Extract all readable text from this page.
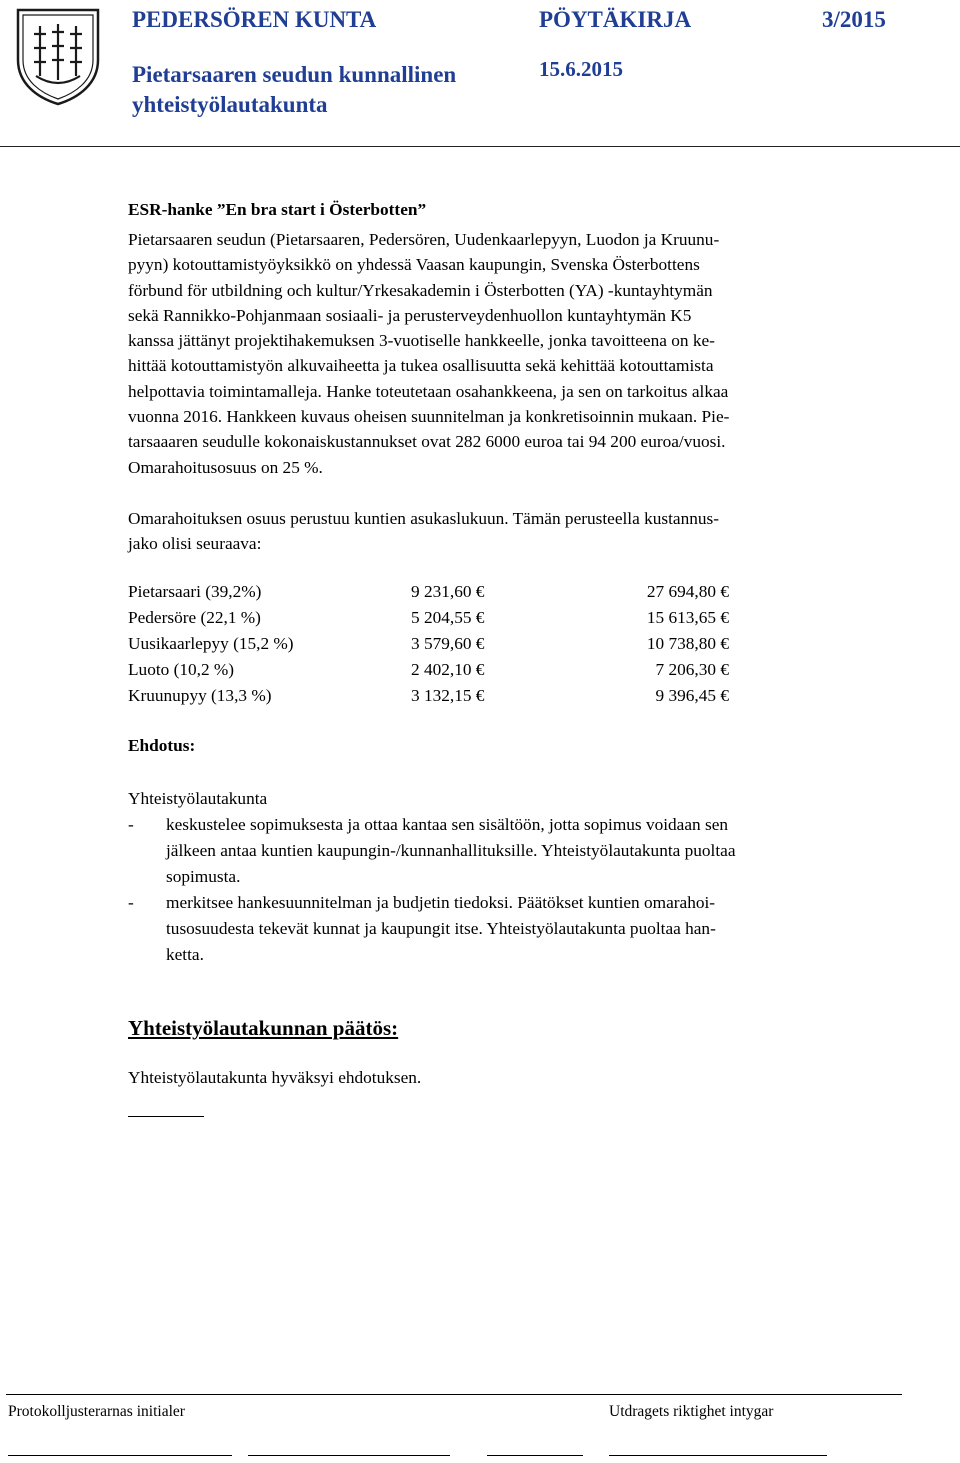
PEDERSÖREN KUNTA	PÖYTÄKIRJA	3/2015
Pietarsaaren seudun kunnallinen	15.6.2015
yhteistyölautakunta
ESR-hanke ”En bra start i Österbotten”
Pietarsaaren seudun (Pietarsaaren, Pedersören, Uudenkaarlepyyn, Luodon ja Kruunu-
pyyn) kotouttamistyöyksikkö on yhdessä Vaasan kaupungin, Svenska Österbottens
förbund för utbildning och kultur/Yrkesakademin i Österbotten (YA) -kuntayhtymän
sekä Rannikko-Pohjanmaan sosiaali- ja perusterveydenhuollon kuntayhtymän K5
kanssa jättänyt projektihakemuksen 3-vuotiselle hankkeelle, jonka tavoitteena on ke-
hittää kotouttamistyön alkuvaiheetta ja tukea osallisuutta sekä kehittää kotouttamista
helpottavia toimintamalleja. Hanke toteutetaan osahankkeena, ja sen on tarkoitus alkaa
vuonna 2016. Hankkeen kuvaus oheisen suunnitelman ja konkretisoinnin mukaan. Pie-
tarsaaaren seudulle kokonaiskustannukset ovat 282 6000 euroa tai 94 200 euroa/vuosi.
Omarahoitusosuus on 25 %.
Omarahoituksen osuus perustuu kuntien asukaslukuun. Tämän perusteella kustannus-
jako olisi seuraava:
Pietarsaari (39,2%)	9 231,60 €	27 694,80 €
Pedersöre (22,1 %)	5 204,55 €	15 613,65 €
Uusikaarlepyy (15,2 %)	3 579,60 €	10 738,80 €
Luoto (10,2 %)	2 402,10 €	7 206,30 €
Kruunupyy (13,3 %)	3 132,15 €	9 396,45 €
Ehdotus:
Yhteistyölautakunta
- keskustelee sopimuksesta ja ottaa kantaa sen sisältöön, jotta sopimus voidaan sen
jälkeen antaa kuntien kaupungin-/kunnanhallituksille. Yhteistyölautakunta puoltaa
sopimusta.
- merkitsee hankesuunnitelman ja budjetin tiedoksi. Päätökset kuntien omarahoi-
tusosuudesta tekevät kunnat ja kaupungit itse. Yhteistyölautakunta puoltaa han-
ketta.
Yhteistyölautakunnan päätös:
Yhteistyölautakunta hyväksyi ehdotuksen.
Protokolljusterarnas initialer	Utdragets riktighet intygar
